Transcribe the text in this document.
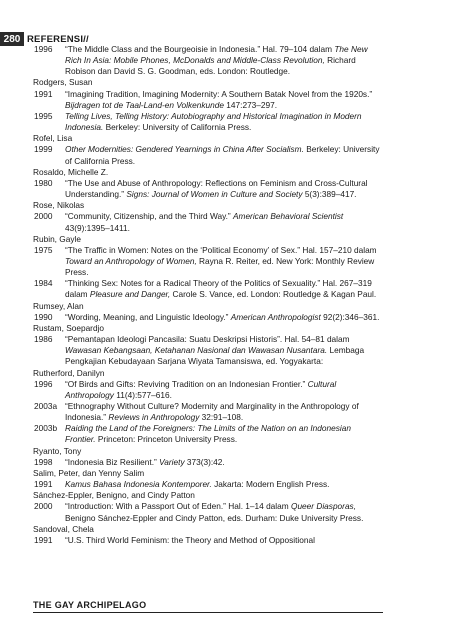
280 REFERENSI//
1996	“The Middle Class and the Bourgeoisie in Indonesia.” Hal. 79–104 dalam The New Rich In Asia: Mobile Phones, McDonalds and Middle-Class Revolution, Richard Robison dan David S. G. Goodman, eds. London: Routledge.
Rodgers, Susan
1991	“Imagining Tradition, Imagining Modernity: A Southern Batak Novel from the 1920s.” Bijdragen tot de Taal-Land-en Volkenkunde 147:273–297.
1995	Telling Lives, Telling History: Autobiography and Historical Imagination in Modern Indonesia. Berkeley: University of California Press.
Rofel, Lisa
1999	Other Modernities: Gendered Yearnings in China After Socialism. Berkeley: University of California Press.
Rosaldo, Michelle Z.
1980	“The Use and Abuse of Anthropology: Reflections on Feminism and Cross-Cultural Understanding.” Signs: Journal of Women in Culture and Society 5(3):389–417.
Rose, Nikolas
2000	“Community, Citizenship, and the Third Way.” American Behavioral Scientist 43(9):1395–1411.
Rubin, Gayle
1975	“The Traffic in Women: Notes on the ‘Political Economy’ of Sex.” Hal. 157–210 dalam Toward an Anthropology of Women, Rayna R. Reiter, ed. New York: Monthly Review Press.
1984	“Thinking Sex: Notes for a Radical Theory of the Politics of Sexuality.” Hal. 267–319 dalam Pleasure and Danger, Carole S. Vance, ed. London: Routledge & Kagan Paul.
Rumsey, Alan
1990	“Wording, Meaning, and Linguistic Ideology.” American Anthropologist 92(2):346–361.
Rustam, Soepardjo
1986	“Pemantapan Ideologi Pancasila: Suatu Deskripsi Historis”. Hal. 54–81 dalam Wawasan Kebangsaan, Ketahanan Nasional dan Wawasan Nusantara. Lembaga Pengkajian Kebudayaan Sarjana Wiyata Tamansiswa, ed. Yogyakarta:
Rutherford, Danilyn
1996	“Of Birds and Gifts: Reviving Tradition on an Indonesian Frontier.” Cultural Anthropology 11(4):577–616.
2003a “Ethnography Without Culture? Modernity and Marginality in the Anthropology of Indonesia.” Reviews in Anthropology 32:91–108.
2003b Raiding the Land of the Foreigners: The Limits of the Nation on an Indonesian Frontier. Princeton: Princeton University Press.
Ryanto, Tony
1998	“Indonesia Biz Resilient.” Variety 373(3):42.
Salim, Peter, dan Yenny Salim
1991	Kamus Bahasa Indonesia Kontemporer. Jakarta: Modern English Press.
Sánchez-Eppler, Benigno, and Cindy Patton
2000	“Introduction: With a Passport Out of Eden.” Hal. 1–14 dalam Queer Diasporas, Benigno Sánchez-Eppler and Cindy Patton, eds. Durham: Duke University Press.
Sandoval, Chela
1991	“U.S. Third World Feminism: the Theory and Method of Oppositional
THE GAY ARCHIPELAGO
